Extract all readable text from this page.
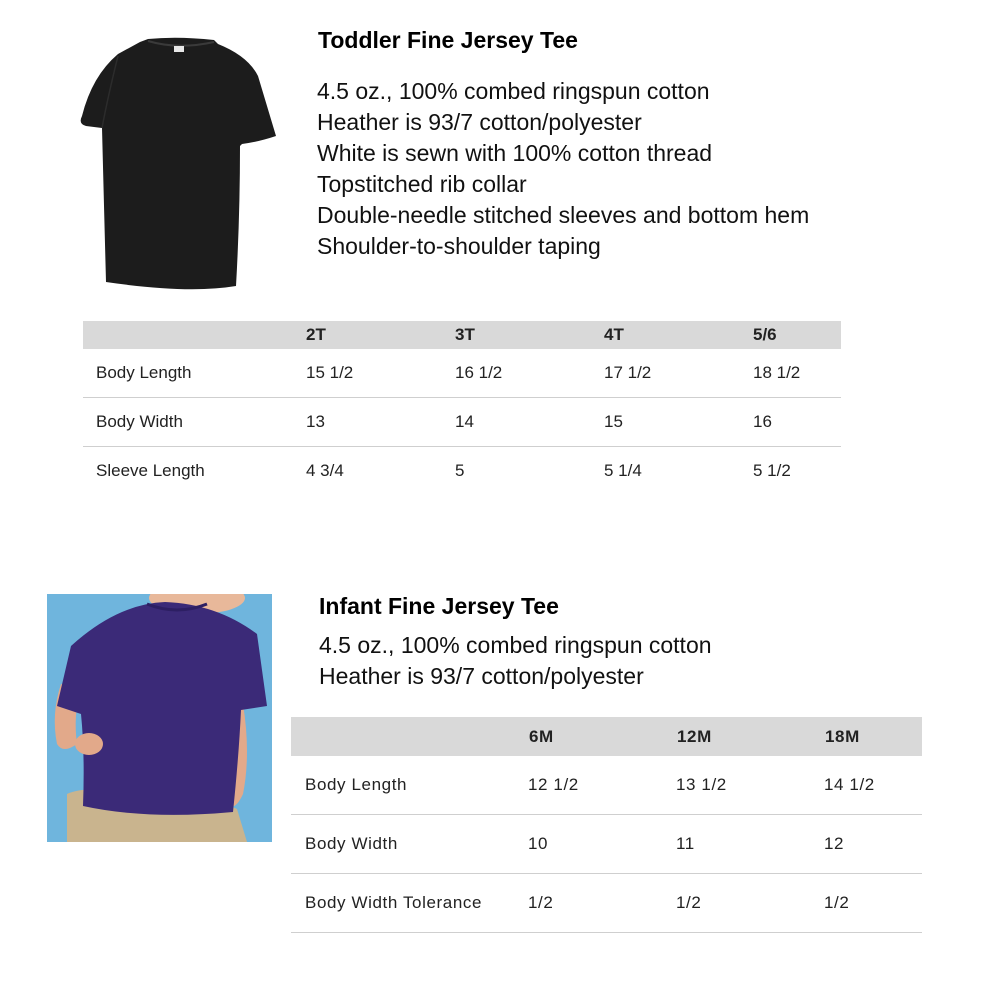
Toddler Fine Jersey Tee
4.5 oz., 100% combed ringspun cotton
Heather is 93/7 cotton/polyester
White is sewn with 100% cotton thread
Topstitched rib collar
Double-needle stitched sleeves and bottom hem
Shoulder-to-shoulder taping
	2T	3T	4T	5/6
Body Length	15 1/2	16 1/2	17 1/2	18 1/2
Body Width	13	14	15	16
Sleeve Length	4 3/4	5	5 1/4	5 1/2
Infant Fine Jersey Tee
4.5 oz., 100% combed ringspun cotton
Heather is 93/7 cotton/polyester
	6M	12M	18M
Body Length	12 1/2	13 1/2	14 1/2
Body Width	10	11	12
Body Width Tolerance	1/2	1/2	1/2
